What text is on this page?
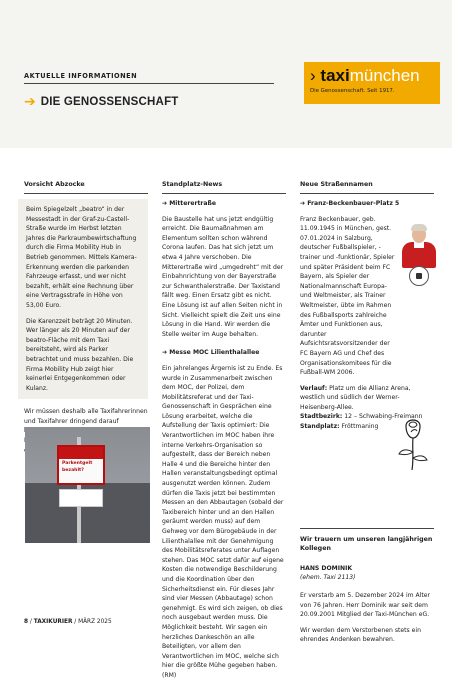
AKTUELLE INFORMATIONEN
➔ DIE GENOSSENSCHAFT
› taximünchen
Die Genossenschaft. Seit 1917.
Vorsicht Abzocke

Beim Spiegelzelt „beatro“ in der Messestadt in der Graf-zu-Castell-Straße wurde im Herbst letzten Jahres die Parkraumbewirtschaftung durch die Firma Mobility Hub in Betrieb genommen. Mittels Kamera-Erkennung werden die parkenden Fahrzeuge erfasst, und wer nicht bezahlt, erhält eine Rechnung über eine Vertragsstrafe in Höhe von 53,00 Euro.

Die Karenzzeit beträgt 20 Minuten. Wer länger als 20 Minuten auf der beatro-Fläche mit dem Taxi bereitsteht, wird als Parker betrachtet und muss bezahlen. Die Firma Mobility Hub zeigt hier keinerlei Entgegenkommen oder Kulanz.

Wir müssen deshalb alle Taxifahrerinnen und Taxifahrer dringend darauf

Parkentgelt
bezahlt?
Standplatz-News
➔ Mitterertraße

Die Baustelle hat uns jetzt endgültig erreicht. Die Baumaßnahmen am Elementum sollten schon während Corona laufen. Das hat sich jetzt um etwa 4 Jahre verschoben. Die Mitterertraße wird „umgedreht“ mit der Einbahnrichtung von der Bayerstraße zur Schwanthalerstraße. Der Taxistand fällt weg. Einen Ersatz gibt es nicht. Eine Lösung ist auf allen Seiten nicht in Sicht. Vielleicht spielt die Zeit uns eine Lösung in die Hand. Wir werden die Stelle weiter im Auge behalten.

➔ Messe MOC Lilienthalallee

Ein jahrelanges Ärgernis ist zu Ende. Es wurde in Zusammenarbeit zwischen dem MOC, der Polizei, dem Mobilitätsreferat und der Taxi-Genossenschaft in Gesprächen eine Lösung erarbeitet, welche die Aufstellung der Taxis optimiert: Die Verantwortlichen im MOC haben ihre interne Verkehrs-Organisation so aufgestellt, dass der Bereich neben Halle 4 und die Bereiche hinter den Hallen veranstaltungsbedingt optimal ausgenutzt werden können. Zudem dürfen die Taxis jetzt bei bestimmten Messen an den Abbautagen (sobald der Taxibereich hinter und an den Hallen geräumt werden muss) auf dem Gehweg vor dem Bürogebäude in der Lilienthalallee mit der Genehmigung des Mobilitätsreferates unter Auflagen stehen. Das MOC setzt dafür auf eigene Kosten die notwendige Beschilderung und die Koordination über den Sicherheitsdienst ein. Für dieses Jahr sind vier Messen (Abbautage) schon genehmigt. Es wird sich zeigen, ob dies noch ausgebaut werden muss. Die Möglichkeit besteht. Wir sagen ein herzliches Dankeschön an alle Beteiligten, vor allem den Verantwortlichen im MOC, welche sich hier die größte Mühe gegeben haben. (RM)

Neue Straßennamen
➔ Franz-Beckenbauer-Platz 5

Franz Beckenbauer, geb. 11.09.1945 in München, gest. 07.01.2024 in Salzburg, deutscher Fußballspieler, -trainer und -funktionär, Spieler und später Präsident beim FC Bayern, als Spieler der Nationalmannschaft Europa- und Weltmeister, als Trainer Weltmeister, übte im Rahmen des Fußballsports zahlreiche Ämter und Funktionen aus, darunter Aufsichtsratsvorsitzender der FC Bayern AG und Chef des Organisationskomitees für die Fußball-WM 2006.

Verlauf: Platz um die Allianz Arena, westlich und südlich der Werner-Heisenberg-Allee.
Stadtbezirk: 12 – Schwabing-Freimann
Standplatz: Fröttmaning

Wir trauern um unseren langjährigen Kollegen
HANS DOMINIK
(ehem. Taxi 2113)

Er verstarb am 5. Dezember 2024 im Alter von 76 Jahren. Herr Dominik war seit dem 20.09.2001 Mitglied der Taxi-München eG.

Wir werden dem Verstorbenen stets ein ehrendes Andenken bewahren.

8 / TAXIKURIER / MÄRZ 2025
